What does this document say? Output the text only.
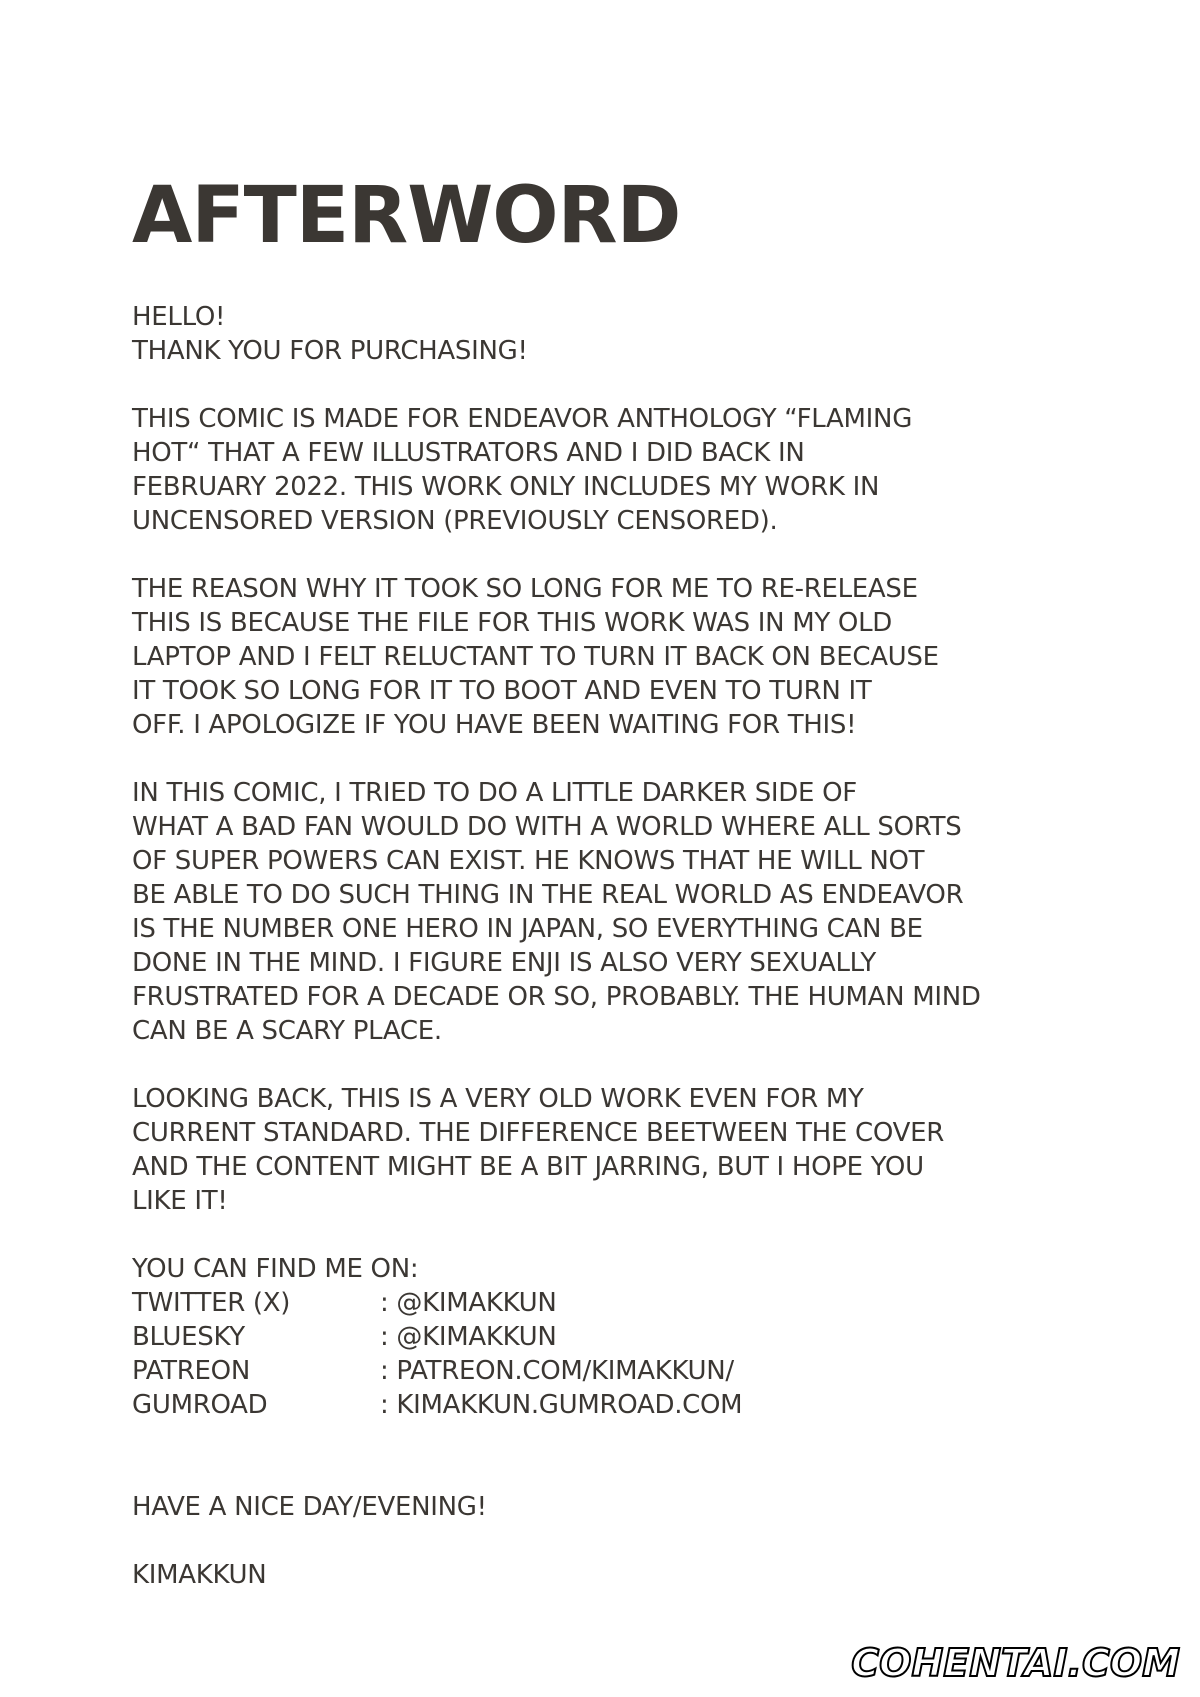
AFTERWORD
HELLO!
THANK YOU FOR PURCHASING!
THIS COMIC IS MADE FOR ENDEAVOR ANTHOLOGY “FLAMING
HOT“ THAT A FEW ILLUSTRATORS AND I DID BACK IN
FEBRUARY 2022. THIS WORK ONLY INCLUDES MY WORK IN
UNCENSORED VERSION (PREVIOUSLY CENSORED).
THE REASON WHY IT TOOK SO LONG FOR ME TO RE-RELEASE
THIS IS BECAUSE THE FILE FOR THIS WORK WAS IN MY OLD
LAPTOP AND I FELT RELUCTANT TO TURN IT BACK ON BECAUSE
IT TOOK SO LONG FOR IT TO BOOT AND EVEN TO TURN IT
OFF. I APOLOGIZE IF YOU HAVE BEEN WAITING FOR THIS!
IN THIS COMIC, I TRIED TO DO A LITTLE DARKER SIDE OF
WHAT A BAD FAN WOULD DO WITH A WORLD WHERE ALL SORTS
OF SUPER POWERS CAN EXIST. HE KNOWS THAT HE WILL NOT
BE ABLE TO DO SUCH THING IN THE REAL WORLD AS ENDEAVOR
IS THE NUMBER ONE HERO IN JAPAN, SO EVERYTHING CAN BE
DONE IN THE MIND. I FIGURE ENJI IS ALSO VERY SEXUALLY
FRUSTRATED FOR A DECADE OR SO, PROBABLY. THE HUMAN MIND
CAN BE A SCARY PLACE.
LOOKING BACK, THIS IS A VERY OLD WORK EVEN FOR MY
CURRENT STANDARD. THE DIFFERENCE BEETWEEN THE COVER
AND THE CONTENT MIGHT BE A BIT JARRING, BUT I HOPE YOU
LIKE IT!
YOU CAN FIND ME ON:
TWITTER (X)	: @KIMAKKUN
BLUESKY	: @KIMAKKUN
PATREON	: PATREON.COM/KIMAKKUN/
GUMROAD	: KIMAKKUN.GUMROAD.COM
HAVE A NICE DAY/EVENING!
KIMAKKUN
COHENTAI.COM
